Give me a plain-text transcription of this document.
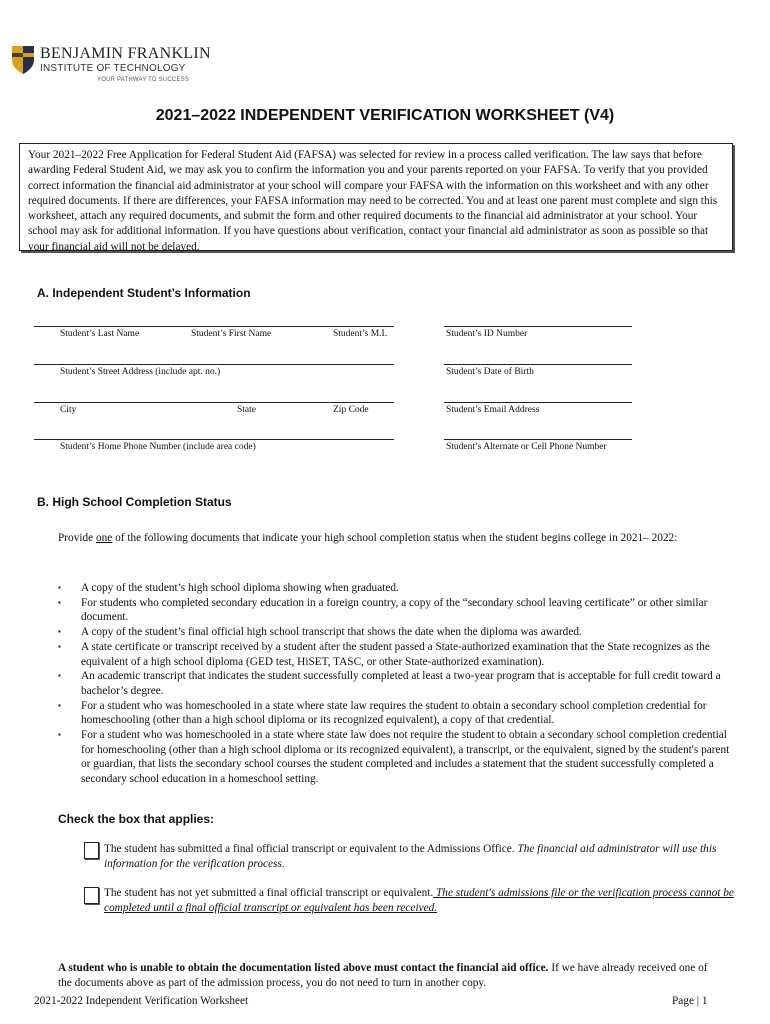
BENJAMIN FRANKLIN
INSTITUTE OF TECHNOLOGY
YOUR PATHWAY TO SUCCESS
2021–2022 INDEPENDENT VERIFICATION WORKSHEET (V4)
Your 2021–2022 Free Application for Federal Student Aid (FAFSA) was selected for review in a process called verification. The law says that before awarding Federal Student Aid, we may ask you to confirm the information you and your parents reported on your FAFSA. To verify that you provided correct information the financial aid administrator at your school will compare your FAFSA with the information on this worksheet and with any other required documents. If there are differences, your FAFSA information may need to be corrected. You and at least one parent must complete and sign this worksheet, attach any required documents, and submit the form and other required documents to the financial aid administrator at your school. Your school may ask for additional information. If you have questions about verification, contact your financial aid administrator as soon as possible so that your financial aid will not be delayed.
A. Independent Student’s Information
Student’s Last Name	Student’s First Name	Student’s M.I.	Student’s ID Number
Student’s Street Address (include apt. no.)	Student’s Date of Birth
City	State	Zip Code	Student’s Email Address
Student’s Home Phone Number (include area code)	Student’s Alternate or Cell Phone Number
B. High School Completion Status
Provide one of the following documents that indicate your high school completion status when the student begins college in 2021– 2022:
▪ A copy of the student’s high school diploma showing when graduated.
▪ For students who completed secondary education in a foreign country, a copy of the “secondary school leaving certificate” or other similar document.
▪ A copy of the student’s final official high school transcript that shows the date when the diploma was awarded.
▪ A state certificate or transcript received by a student after the student passed a State-authorized examination that the State recognizes as the equivalent of a high school diploma (GED test, HiSET, TASC, or other State-authorized examination).
▪ An academic transcript that indicates the student successfully completed at least a two-year program that is acceptable for full credit toward a bachelor’s degree.
▪ For a student who was homeschooled in a state where state law requires the student to obtain a secondary school completion credential for homeschooling (other than a high school diploma or its recognized equivalent), a copy of that credential.
▪ For a student who was homeschooled in a state where state law does not require the student to obtain a secondary school completion credential for homeschooling (other than a high school diploma or its recognized equivalent), a transcript, or the equivalent, signed by the student's parent or guardian, that lists the secondary school courses the student completed and includes a statement that the student successfully completed a secondary school education in a homeschool setting.
Check the box that applies:
The student has submitted a final official transcript or equivalent to the Admissions Office. The financial aid administrator will use this information for the verification process.
The student has not yet submitted a final official transcript or equivalent. The student's admissions file or the verification process cannot be completed until a final official transcript or equivalent has been received.
A student who is unable to obtain the documentation listed above must contact the financial aid office. If we have already received one of the documents above as part of the admission process, you do not need to turn in another copy.
2021-2022 Independent Verification Worksheet	Page | 1
